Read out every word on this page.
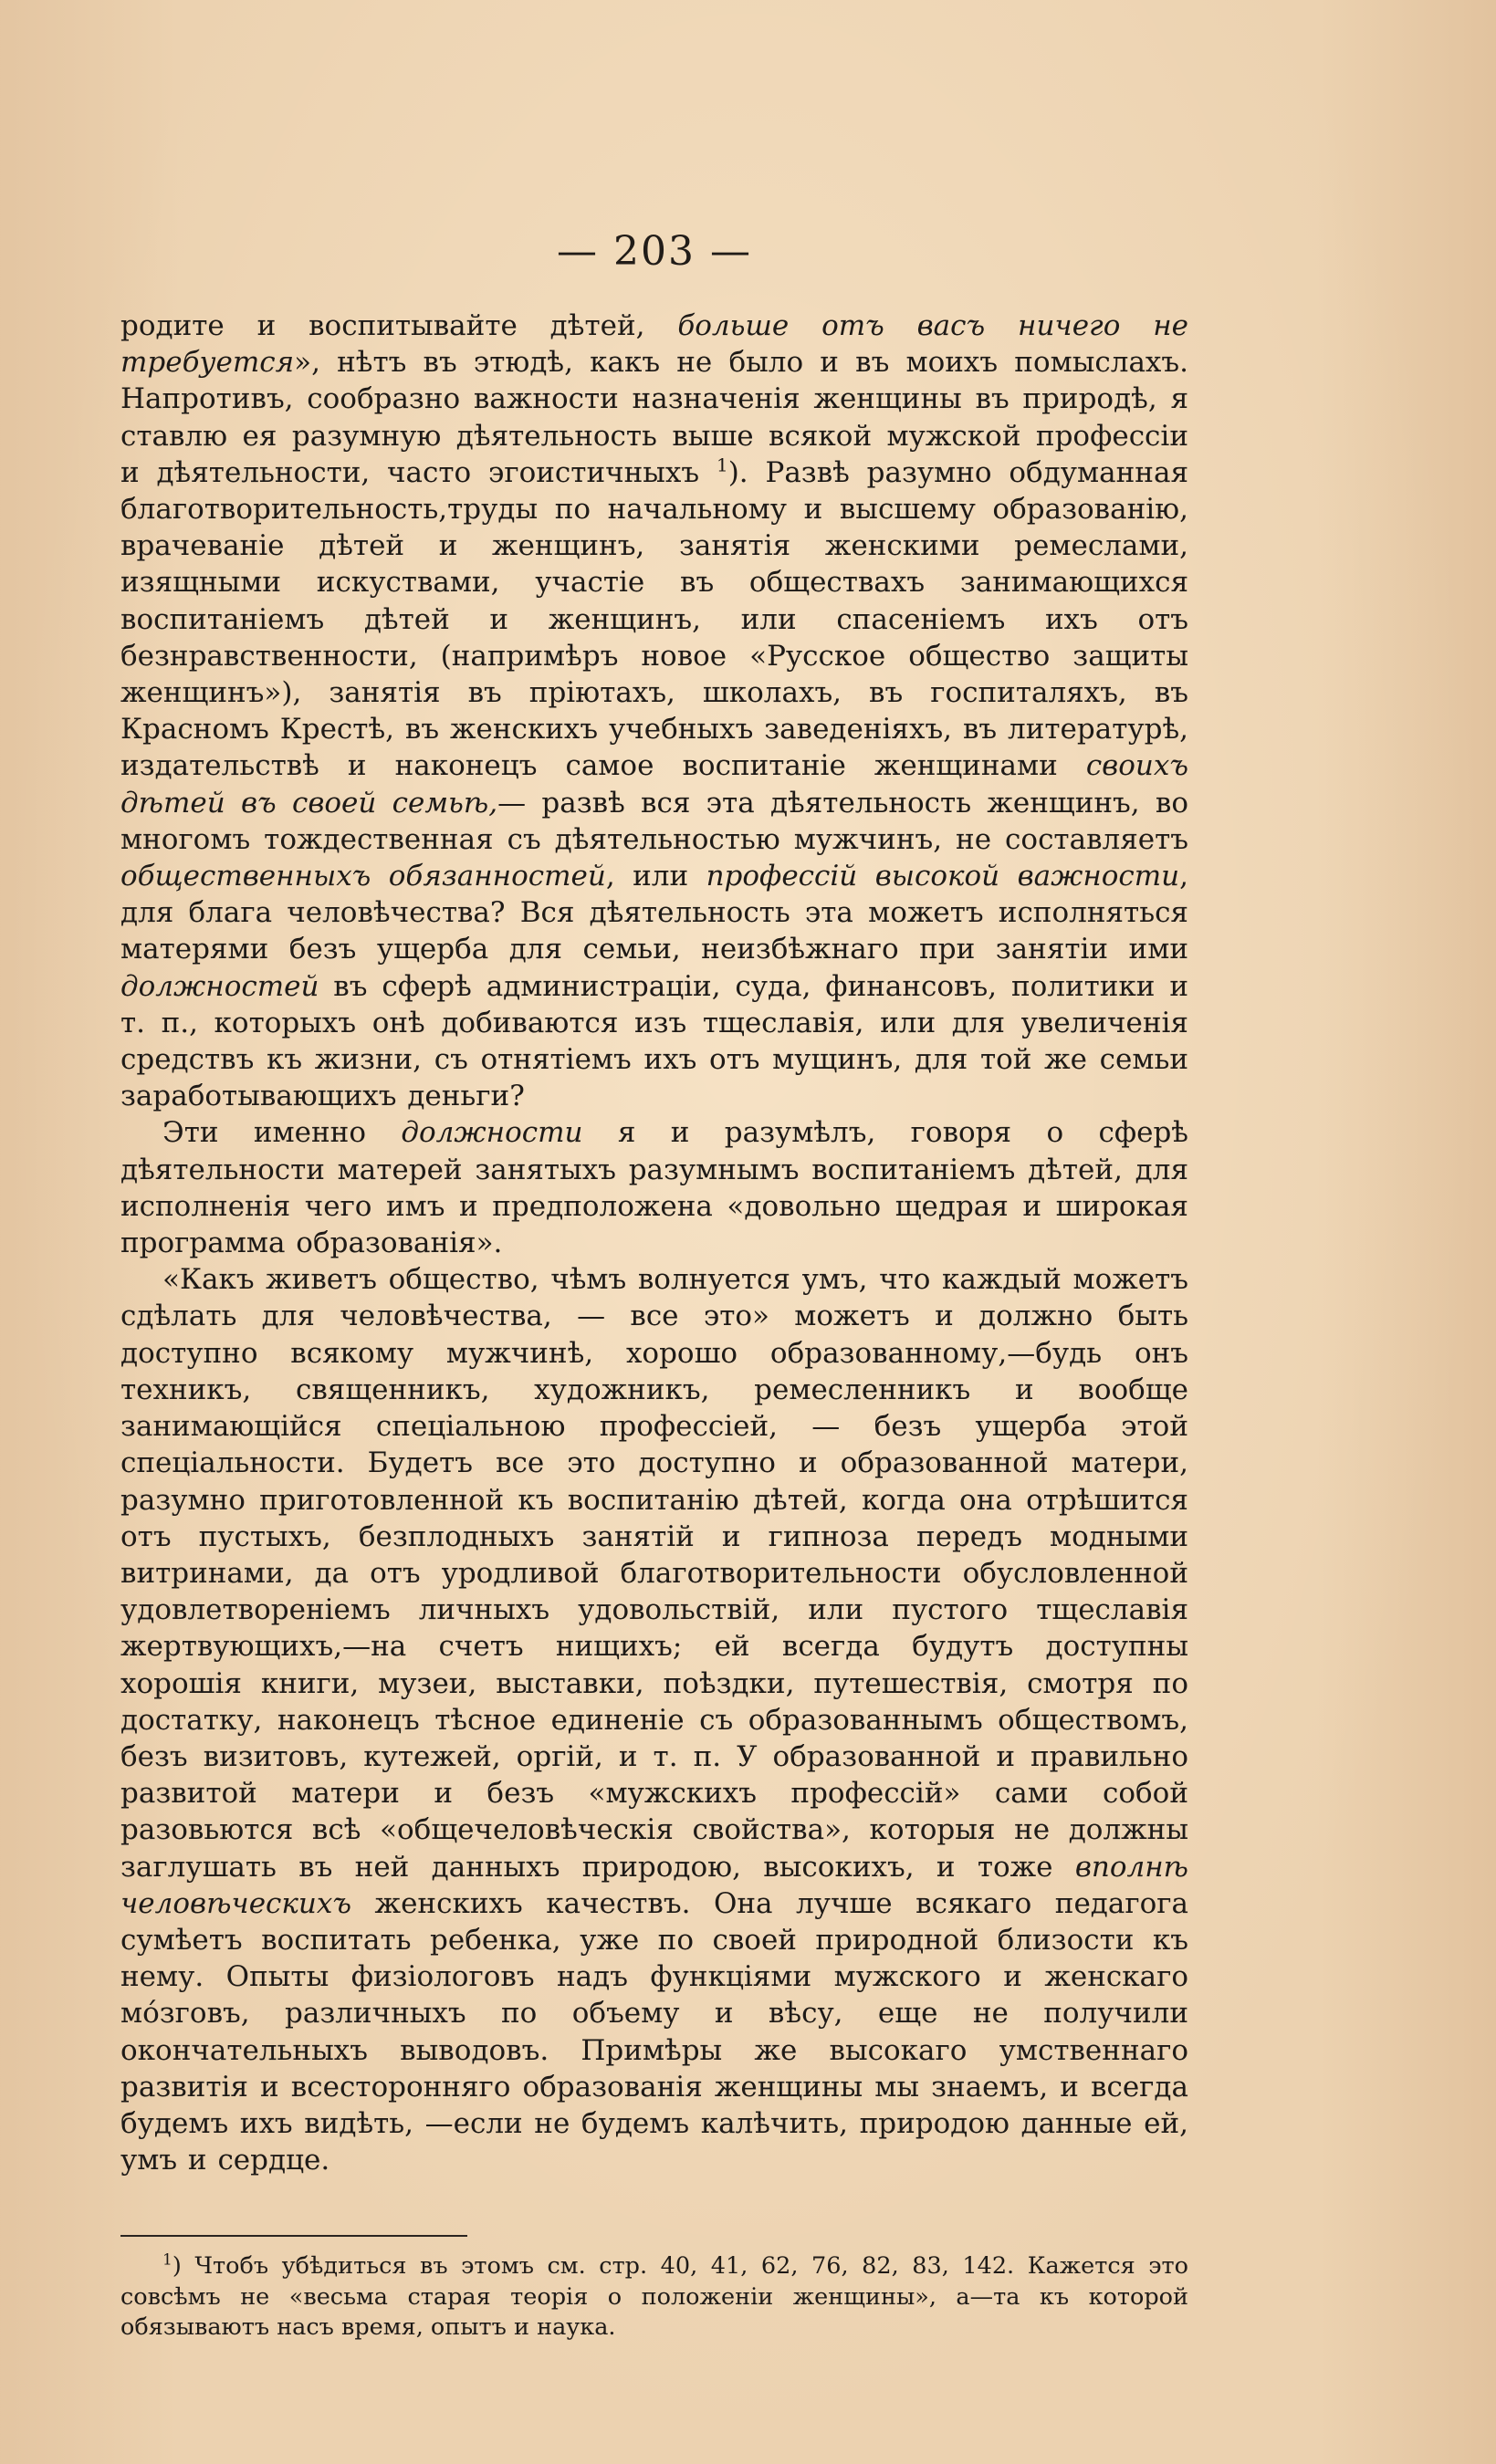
— 203 —

родите и воспитывайте дѣтей, больше отъ васъ ничего не требуется», нѣтъ въ этюдѣ, какъ не было и въ моихъ помыслахъ. Напротивъ, сообразно важности назначенія женщины въ природѣ, я ставлю ея разумную дѣятельность выше всякой мужской профессіи и дѣятельности, часто эгоистичныхъ $^1$). Развѣ разумно обдуманная благотворительность,труды по начальному и высшему образованію, врачеваніе дѣтей и женщинъ, занятія женскими ремеслами, изящными искуствами, участіе въ обществахъ занимающихся воспитаніемъ дѣтей и женщинъ, или спасеніемъ ихъ отъ безнравственности, (напримѣръ новое «Русское общество защиты женщинъ»), занятія въ пріютахъ, школахъ, въ госпиталяхъ, въ Красномъ Крестѣ, въ женскихъ учебныхъ заведеніяхъ, въ литературѣ, издательствѣ и наконецъ самое воспитаніе женщинами своихъ дѣтей въ своей семьѣ,— развѣ вся эта дѣятельность женщинъ, во многомъ тождественная съ дѣятельностью мужчинъ, не составляетъ общественныхъ обязанностей, или профессій высокой важности, для блага человѣчества? Вся дѣятельность эта можетъ исполняться матерями безъ ущерба для семьи, неизбѣжнаго при занятіи ими должностей въ сферѣ администраціи, суда, финансовъ, политики и т. п., которыхъ онѣ добиваются изъ тщеславія, или для увеличенія средствъ къ жизни, съ отнятіемъ ихъ отъ мущинъ, для той же семьи заработывающихъ деньги?

Эти именно должности я и разумѣлъ, говоря о сферѣ дѣятельности матерей занятыхъ разумнымъ воспитаніемъ дѣтей, для исполненія чего имъ и предположена «довольно щедрая и широкая программа образованія».

«Какъ живетъ общество, чѣмъ волнуется умъ, что каждый можетъ сдѣлать для человѣчества, — все это» можетъ и должно быть доступно всякому мужчинѣ, хорошо образованному,—будь онъ техникъ, священникъ, художникъ, ремесленникъ и вообще занимающійся спеціальною профессіей, — безъ ущерба этой спеціальности. Будетъ все это доступно и образованной матери, разумно приготовленной къ воспитанію дѣтей, когда она отрѣшится отъ пустыхъ, безплодныхъ занятій и гипноза передъ модными витринами, да отъ уродливой благотворительности обусловленной удовлетвореніемъ личныхъ удовольствій, или пустого тщеславія жертвующихъ,—на счетъ нищихъ; ей всегда будутъ доступны хорошія книги, музеи, выставки, поѣздки, путешествія, смотря по достатку, наконецъ тѣсное единеніе съ образованнымъ обществомъ, безъ визитовъ, кутежей, оргій, и т. п. У образованной и правильно развитой матери и безъ «мужскихъ профессій» сами собой разовьются всѣ «общечеловѣческія свойства», которыя не должны заглушать въ ней данныхъ природою, высокихъ, и тоже вполнѣ человѣческихъ женскихъ качествъ. Она лучше всякаго педагога сумѣетъ воспитать ребенка, уже по своей природной близости къ нему. Опыты физіологовъ надъ функціями мужского и женскаго мо́зговъ, различныхъ по объему и вѣсу, еще не получили окончательныхъ выводовъ. Примѣры же высокаго умственнаго развитія и всесторонняго образованія женщины мы знаемъ, и всегда будемъ ихъ видѣть, —если не будемъ калѣчить, природою данные ей, умъ и сердце.

$^1$) Чтобъ убѣдиться въ этомъ см. стр. 40, 41, 62, 76, 82, 83, 142. Кажется это совсѣмъ не «весьма старая теорія о положеніи женщины», а—та къ которой обязываютъ насъ время, опытъ и наука.
